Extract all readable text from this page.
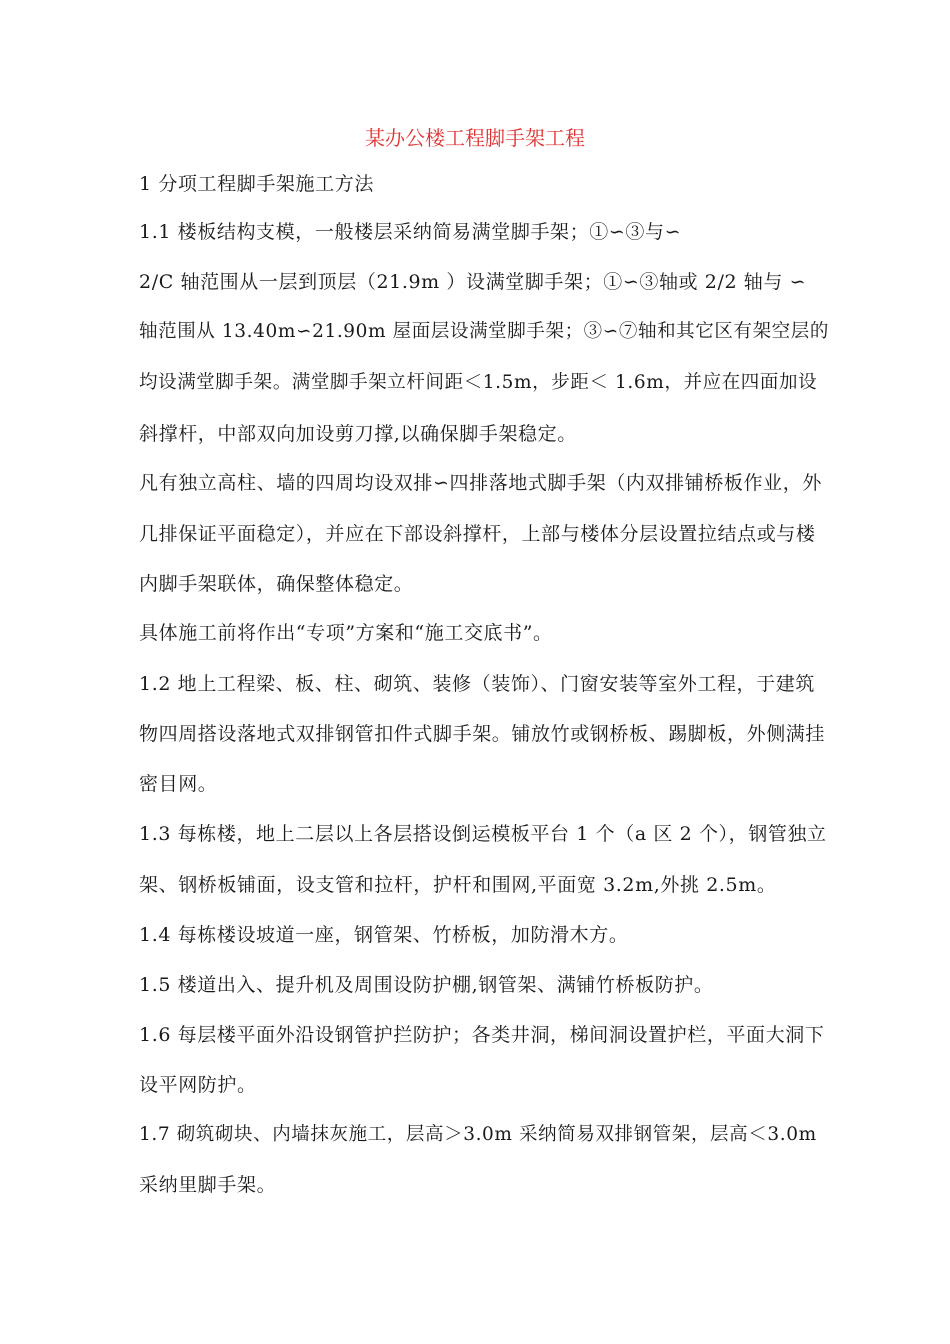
某办公楼工程脚手架工程
1 分项工程脚手架施工方法
1.1 楼板结构支模，一般楼层采纳简易满堂脚手架；①∽③与∽
2/C 轴范围从一层到顶层（21.9m ）设满堂脚手架；①∽③轴或 2/2 轴与 ∽
轴范围从 13.40m∽21.90m 屋面层设满堂脚手架；③∽⑦轴和其它区有架空层的
均设满堂脚手架。满堂脚手架立杆间距＜1.5m，步距＜ 1.6m，并应在四面加设
斜撑杆，中部双向加设剪刀撑,以确保脚手架稳定。
凡有独立高柱、墙的四周均设双排∽四排落地式脚手架（内双排铺桥板作业，外
几排保证平面稳定），并应在下部设斜撑杆，上部与楼体分层设置拉结点或与楼
内脚手架联体，确保整体稳定。
具体施工前将作出“专项”方案和“施工交底书”。
1.2 地上工程梁、板、柱、砌筑、装修（装饰）、门窗安装等室外工程，于建筑
物四周搭设落地式双排钢管扣件式脚手架。铺放竹或钢桥板、踢脚板，外侧满挂
密目网。
1.3 每栋楼，地上二层以上各层搭设倒运模板平台 1 个（a 区 2 个），钢管独立
架、钢桥板铺面，设支管和拉杆，护杆和围网,平面宽 3.2m,外挑 2.5m。
1.4 每栋楼设坡道一座，钢管架、竹桥板，加防滑木方。
1.5 楼道出入、提升机及周围设防护棚,钢管架、满铺竹桥板防护。
1.6 每层楼平面外沿设钢管护拦防护；各类井洞，梯间洞设置护栏，平面大洞下
设平网防护。
1.7 砌筑砌块、内墙抹灰施工，层高＞3.0m 采纳简易双排钢管架，层高＜3.0m
采纳里脚手架。
